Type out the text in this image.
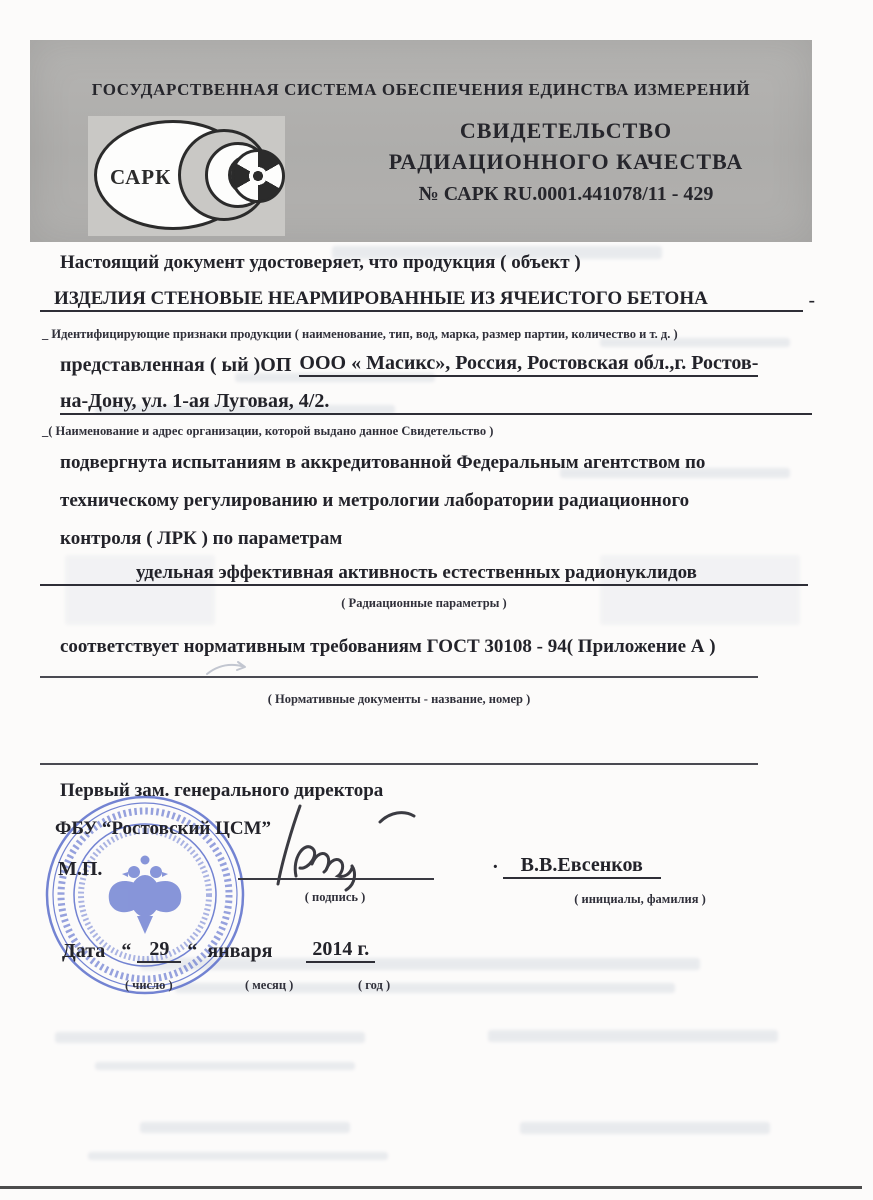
ГОСУДАРСТВЕННАЯ СИСТЕМА ОБЕСПЕЧЕНИЯ ЕДИНСТВА ИЗМЕРЕНИЙ
САРК
СВИДЕТЕЛЬСТВО
РАДИАЦИОННОГО КАЧЕСТВА
№ САРК RU.0001.441078/11 - 429
Настоящий документ удостоверяет, что продукция ( объект )
ИЗДЕЛИЯ СТЕНОВЫЕ НЕАРМИРОВАННЫЕ ИЗ ЯЧЕИСТОГО БЕТОНА	-
_ Идентифицирующие признаки продукции ( наименование, тип, вод, марка, размер партии, количество и т. д. )
представленная ( ый )ОП ООО « Масикс», Россия, Ростовская обл.,г. Ростов-
на-Дону, ул. 1-ая Луговая, 4/2.
_( Наименование и адрес организации, которой выдано данное Свидетельство )
подвергнута испытаниям в аккредитованной Федеральным агентством по
техническому регулированию и метрологии лаборатории радиационного
контроля ( ЛРК ) по параметрам
удельная эффективная активность естественных радионуклидов
( Радиационные параметры )
соответствует нормативным требованиям ГОСТ 30108 - 94( Приложение А )
( Нормативные документы - название, номер )
Первый зам. генерального директора
ФБУ “Ростовский ЦСМ”
М.П.
( подпись )
·	В.В.Евсенков
( инициалы, фамилия )
Дата “ 29 “ января	2014 г.
( число )	( месяц )	( год )
